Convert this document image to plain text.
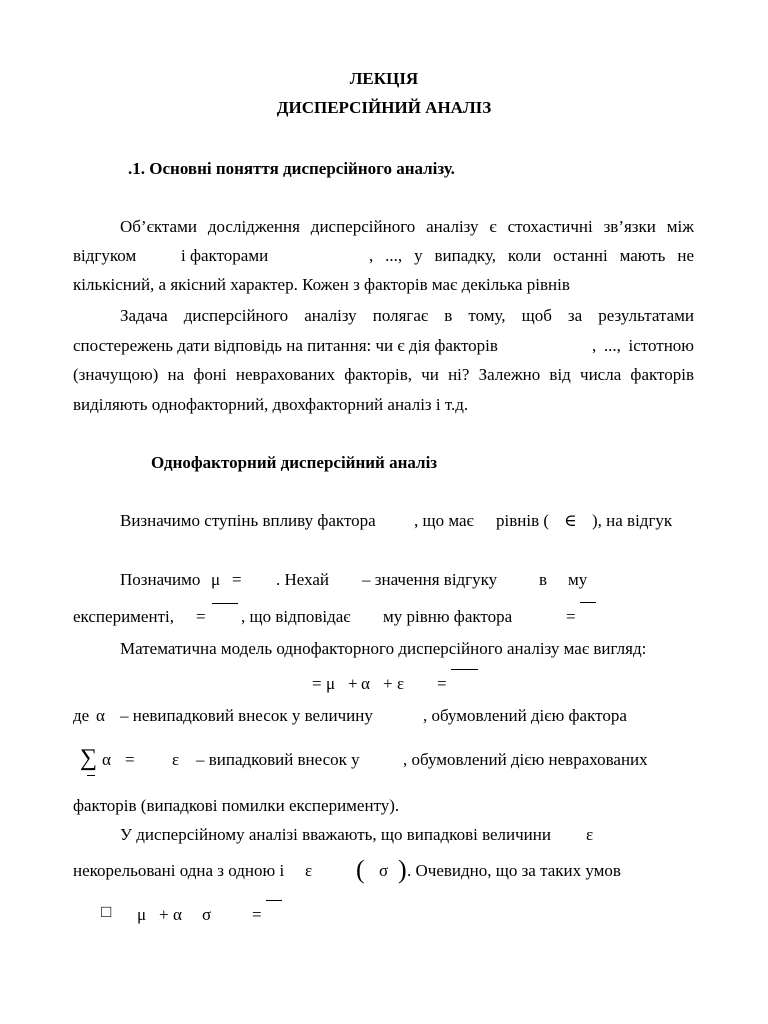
ЛЕКЦІЯ
ДИСПЕРСІЙНИЙ АНАЛІЗ
.1. Основні поняття дисперсійного аналізу.
Об’єктами дослідження дисперсійного аналізу є стохастичні зв’язки між
відгуком	і факторами	, ..., у випадку, коли останні мають не
кількісний, а якісний характер. Кожен з факторів має декілька рівнів
Задача дисперсійного аналізу полягає в тому, щоб за результатами
спостережень дати відповідь на питання: чи є дія факторів	, ..., істотною
(значущою) на фоні неврахованих факторів, чи ні? Залежно від числа факторів
виділяють однофакторний, двохфакторний аналіз і т.д.
Однофакторний дисперсійний аналіз
Визначимо ступінь впливу фактора , що має рівнів ( ∈ ), на відгук
Позначимо μ = . Нехай – значення відгуку в му
експерименті, = , що відповідає му рівню фактора	=
Математична модель однофакторного дисперсійного аналізу має вигляд:
= μ + α + ε =
де α – невипадковий внесок у величину	, обумовлений дією фактора
∑ α = ε – випадковий внесок у	, обумовлений дією неврахованих
факторів (випадкові помилки експерименту).
У дисперсійному аналізі вважають, що випадкові величини ε
некорельовані одна з одною і ε ( σ ) . Очевидно, що за таких умов
□ μ + α σ =
